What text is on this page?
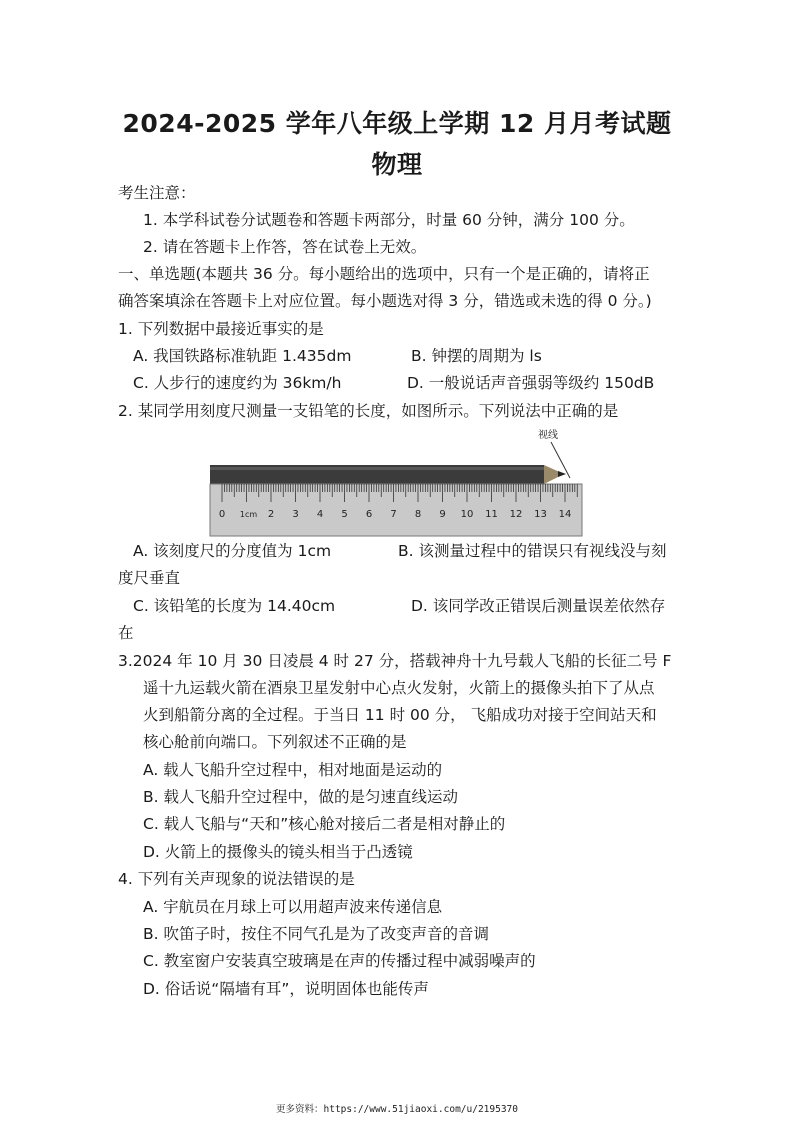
2024-2025 学年八年级上学期 12 月月考试题
物理
考生注意：
1. 本学科试卷分试题卷和答题卡两部分，时量 60 分钟，满分 100 分。
2. 请在答题卡上作答，答在试卷上无效。
一、单选题(本题共 36 分。每小题给出的选项中，只有一个是正确的，请将正
确答案填涂在答题卡上对应位置。每小题选对得 3 分，错选或未选的得 0 分。)
1. 下列数据中最接近事实的是
A. 我国铁路标准轨距 1.435dm	B. 钟摆的周期为 ls
C. 人步行的速度约为 36km/h	D. 一般说话声音强弱等级约 150dB
2. 某同学用刻度尺测量一支铅笔的长度，如图所示。下列说法中正确的是
视线
0 1cm 2 3 4 5 6 7 8 9 10 11 12 13 14
A. 该刻度尺的分度值为 1cm	B. 该测量过程中的错误只有视线没与刻
度尺垂直
C. 该铅笔的长度为 14.40cm	D. 该同学改正错误后测量误差依然存
在
3.2024 年 10 月 30 日凌晨 4 时 27 分，搭载神舟十九号载人飞船的长征二号 F
遥十九运载火箭在酒泉卫星发射中心点火发射，火箭上的摄像头拍下了从点
火到船箭分离的全过程。于当日 11 时 00 分， 飞船成功对接于空间站天和
核心舱前向端口。下列叙述不正确的是
A. 载人飞船升空过程中，相对地面是运动的
B. 载人飞船升空过程中，做的是匀速直线运动
C. 载人飞船与“天和”核心舱对接后二者是相对静止的
D. 火箭上的摄像头的镜头相当于凸透镜
4. 下列有关声现象的说法错误的是
A. 宇航员在月球上可以用超声波来传递信息
B. 吹笛子时，按住不同气孔是为了改变声音的音调
C. 教室窗户安装真空玻璃是在声的传播过程中减弱噪声的
D. 俗话说“隔墙有耳”，说明固体也能传声
更多资料：https://www.51jiaoxi.com/u/2195370
